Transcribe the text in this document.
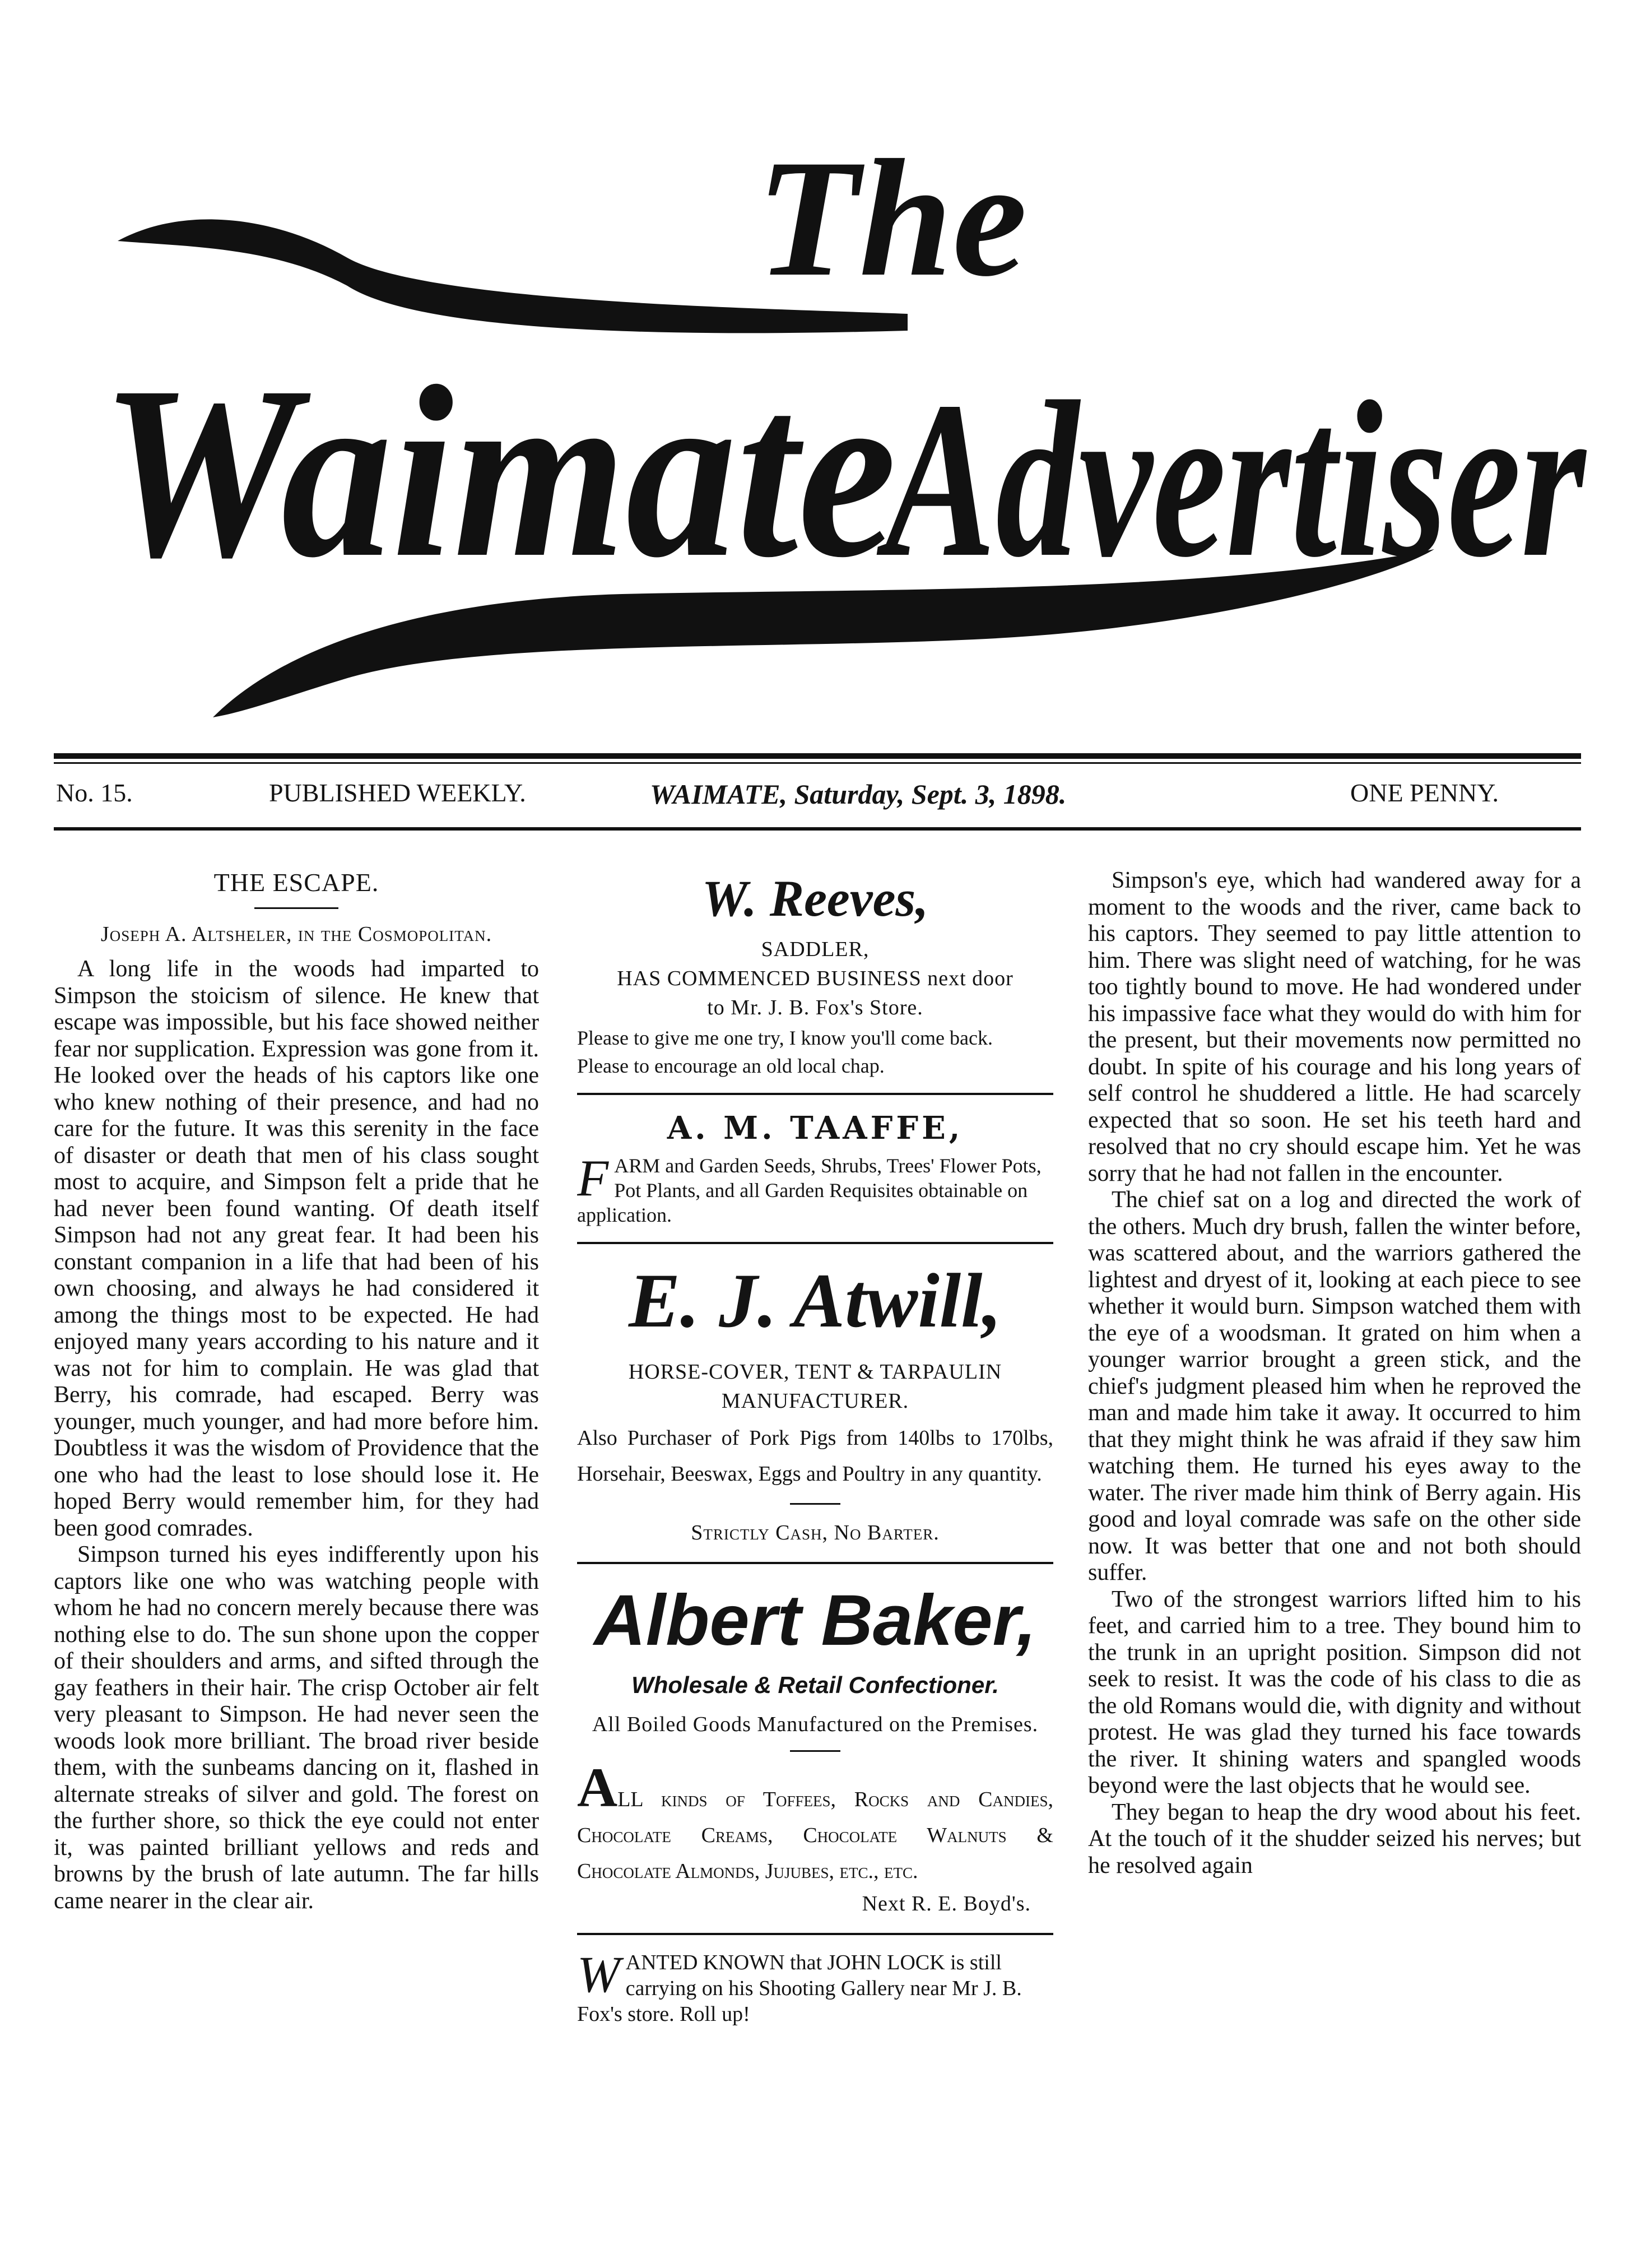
The
Waimate
Advertiser
No. 15.	PUBLISHED WEEKLY.	WAIMATE, Saturday, Sept. 3, 1898.	ONE PENNY.

THE ESCAPE.

Joseph A. Altsheler, in the Cosmopolitan.

A long life in the woods had imparted to Simpson the stoicism of silence. He knew that escape was impossible, but his face showed neither fear nor supplication. Expression was gone from it. He looked over the heads of his captors like one who knew nothing of their presence, and had no care for the future. It was this serenity in the face of disaster or death that men of his class sought most to acquire, and Simpson felt a pride that he had never been found wanting. Of death itself Simpson had not any great fear. It had been his constant companion in a life that had been of his own choosing, and always he had considered it among the things most to be expected. He had enjoyed many years according to his nature and it was not for him to complain. He was glad that Berry, his comrade, had escaped. Berry was younger, much younger, and had more before him. Doubtless it was the wisdom of Providence that the one who had the least to lose should lose it. He hoped Berry would remember him, for they had been good comrades.

Simpson turned his eyes indifferently upon his captors like one who was watching people with whom he had no concern merely because there was nothing else to do. The sun shone upon the copper of their shoulders and arms, and sifted through the gay feathers in their hair. The crisp October air felt very pleasant to Simpson. He had never seen the woods look more brilliant. The broad river beside them, with the sunbeams dancing on it, flashed in alternate streaks of silver and gold. The forest on the further shore, so thick the eye could not enter it, was painted brilliant yellows and reds and browns by the brush of late autumn. The far hills came nearer in the clear air.

W. Reeves,

SADDLER,

HAS COMMENCED BUSINESS next door

to Mr. J. B. Fox's Store.

Please to give me one try, I know you'll come back.

Please to encourage an old local chap.

A. M. TAAFFE,

FARM and Garden Seeds, Shrubs, Trees' Flower Pots, Pot Plants, and all Garden Requisites obtainable on application.

E. J. Atwill,

HORSE-COVER, TENT & TARPAULIN

MANUFACTURER.

Also Purchaser of Pork Pigs from 140lbs to 170lbs, Horsehair, Beeswax, Eggs and Poultry in any quantity.

Strictly Cash, No Barter.

Albert Baker,

Wholesale & Retail Confectioner.

All Boiled Goods Manufactured on the Premises.

ALL kinds of Toffees, Rocks and Candies, Chocolate Creams, Chocolate Walnuts & Chocolate Almonds, Jujubes, etc., etc.

Next R. E. Boyd's.

WANTED KNOWN that JOHN LOCK is still carrying on his Shooting Gallery near Mr J. B. Fox's store. Roll up!

Simpson's eye, which had wandered away for a moment to the woods and the river, came back to his captors. They seemed to pay little attention to him. There was slight need of watching, for he was too tightly bound to move. He had wondered under his impassive face what they would do with him for the present, but their movements now permitted no doubt. In spite of his courage and his long years of self control he shuddered a little. He had scarcely expected that so soon. He set his teeth hard and resolved that no cry should escape him. Yet he was sorry that he had not fallen in the encounter.

The chief sat on a log and directed the work of the others. Much dry brush, fallen the winter before, was scattered about, and the warriors gathered the lightest and dryest of it, looking at each piece to see whether it would burn. Simpson watched them with the eye of a woodsman. It grated on him when a younger warrior brought a green stick, and the chief's judgment pleased him when he reproved the man and made him take it away. It occurred to him that they might think he was afraid if they saw him watching them. He turned his eyes away to the water. The river made him think of Berry again. His good and loyal comrade was safe on the other side now. It was better that one and not both should suffer.

Two of the strongest warriors lifted him to his feet, and carried him to a tree. They bound him to the trunk in an upright position. Simpson did not seek to resist. It was the code of his class to die as the old Romans would die, with dignity and without protest. He was glad they turned his face towards the river. It shining waters and spangled woods beyond were the last objects that he would see.

They began to heap the dry wood about his feet. At the touch of it the shudder seized his nerves; but he resolved again
